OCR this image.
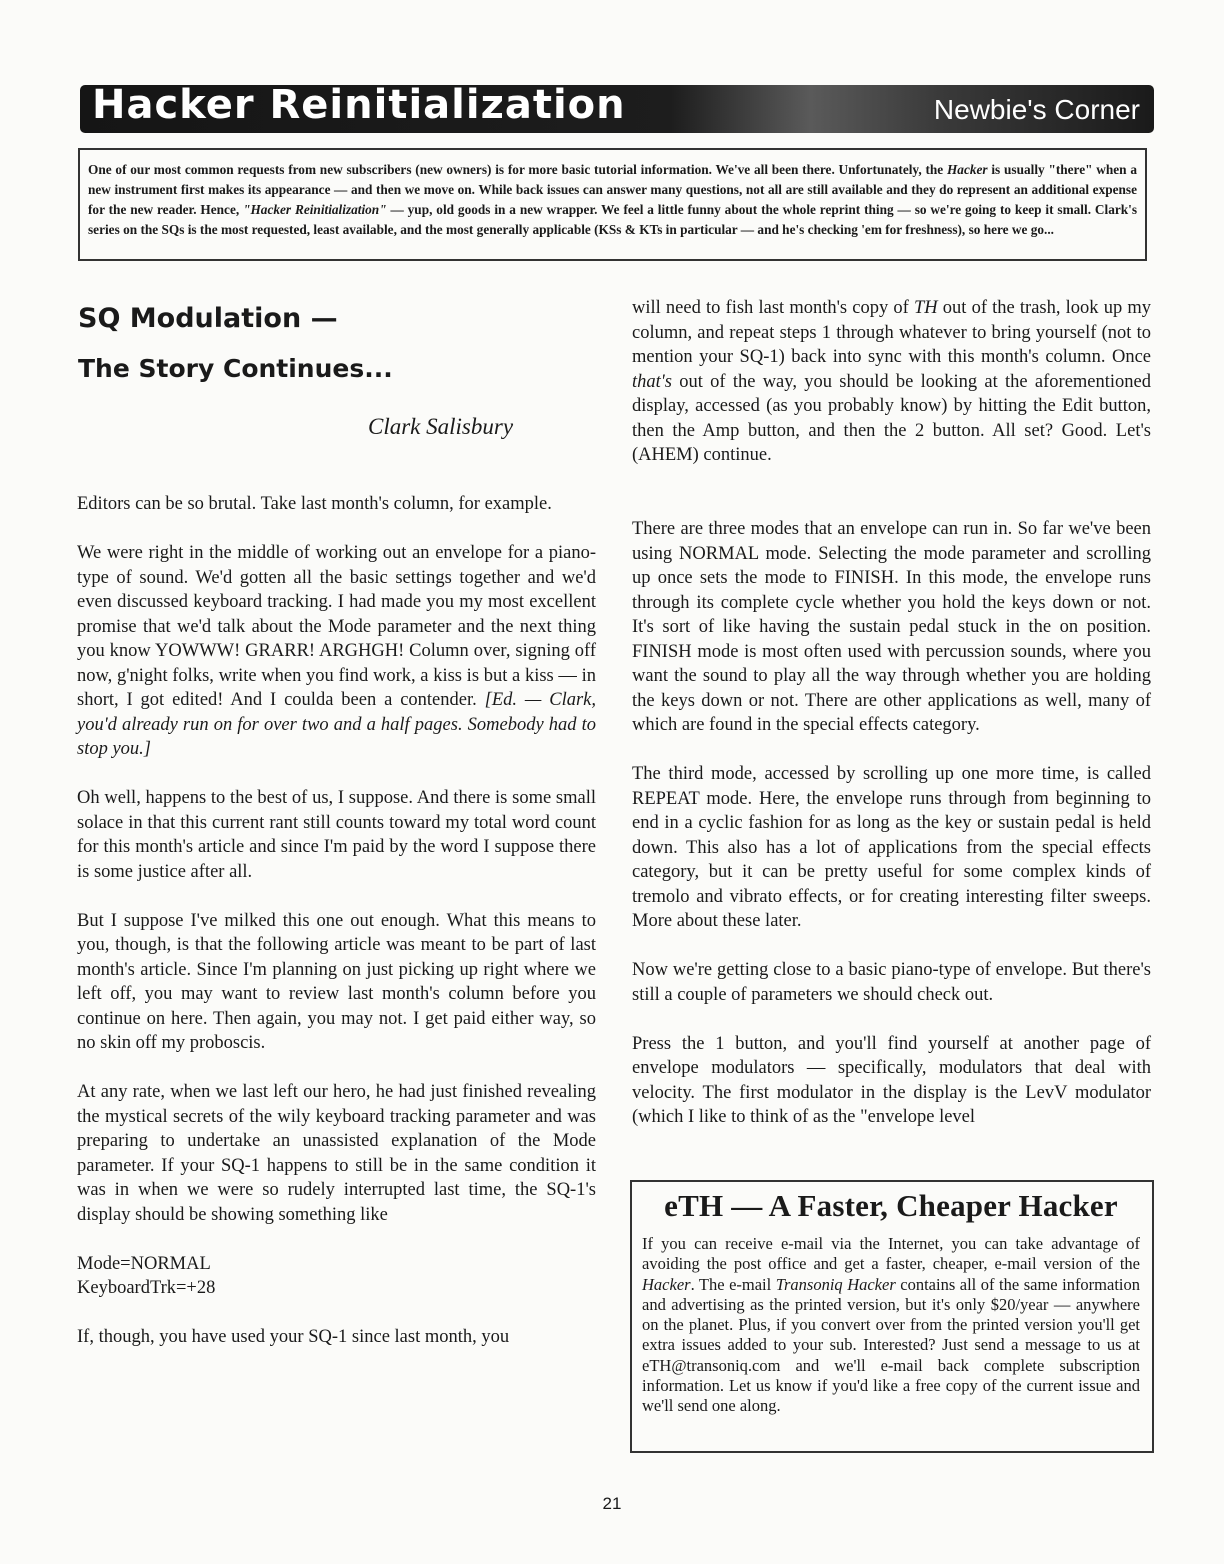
Hacker Reinitialization	Newbie's Corner
One of our most common requests from new subscribers (new owners) is for more basic tutorial information. We've all been there. Unfortunately, the Hacker is usually "there" when a new instrument first makes its appearance — and then we move on. While back issues can answer many questions, not all are still available and they do represent an additional expense for the new reader. Hence, "Hacker Reinitialization" — yup, old goods in a new wrapper. We feel a little funny about the whole reprint thing — so we're going to keep it small. Clark's series on the SQs is the most requested, least available, and the most generally applicable (KSs & KTs in particular — and he's checking 'em for freshness), so here we go...
SQ Modulation —
The Story Continues...
Clark Salisbury

Editors can be so brutal. Take last month's column, for example.

We were right in the middle of working out an envelope for a piano-type of sound. We'd gotten all the basic settings together and we'd even discussed keyboard tracking. I had made you my most excellent promise that we'd talk about the Mode parameter and the next thing you know YOWWW! GRARR! ARGHGH! Column over, signing off now, g'night folks, write when you find work, a kiss is but a kiss — in short, I got edited! And I coulda been a contender. [Ed. — Clark, you'd already run on for over two and a half pages. Somebody had to stop you.]

Oh well, happens to the best of us, I suppose. And there is some small solace in that this current rant still counts toward my total word count for this month's article and since I'm paid by the word I suppose there is some justice after all.

But I suppose I've milked this one out enough. What this means to you, though, is that the following article was meant to be part of last month's article. Since I'm planning on just picking up right where we left off, you may want to review last month's column before you continue on here. Then again, you may not. I get paid either way, so no skin off my proboscis.

At any rate, when we last left our hero, he had just finished revealing the mystical secrets of the wily keyboard tracking parameter and was preparing to undertake an unassisted explanation of the Mode parameter. If your SQ-1 happens to still be in the same condition it was in when we were so rudely interrupted last time, the SQ-1's display should be showing something like

Mode=NORMAL
KeyboardTrk=+28

If, though, you have used your SQ-1 since last month, you

will need to fish last month's copy of TH out of the trash, look up my column, and repeat steps 1 through whatever to bring yourself (not to mention your SQ-1) back into sync with this month's column. Once that's out of the way, you should be looking at the aforementioned display, accessed (as you probably know) by hitting the Edit button, then the Amp button, and then the 2 button. All set? Good. Let's (AHEM) continue.

There are three modes that an envelope can run in. So far we've been using NORMAL mode. Selecting the mode parameter and scrolling up once sets the mode to FINISH. In this mode, the envelope runs through its complete cycle whether you hold the keys down or not. It's sort of like having the sustain pedal stuck in the on position. FINISH mode is most often used with percussion sounds, where you want the sound to play all the way through whether you are holding the keys down or not. There are other applications as well, many of which are found in the special effects category.

The third mode, accessed by scrolling up one more time, is called REPEAT mode. Here, the envelope runs through from beginning to end in a cyclic fashion for as long as the key or sustain pedal is held down. This also has a lot of applications from the special effects category, but it can be pretty useful for some complex kinds of tremolo and vibrato effects, or for creating interesting filter sweeps. More about these later.

Now we're getting close to a basic piano-type of envelope. But there's still a couple of parameters we should check out.

Press the 1 button, and you'll find yourself at another page of envelope modulators — specifically, modulators that deal with velocity. The first modulator in the display is the LevV modulator (which I like to think of as the "envelope level

eTH — A Faster, Cheaper Hacker

If you can receive e-mail via the Internet, you can take advantage of avoiding the post office and get a faster, cheaper, e-mail version of the Hacker. The e-mail Transoniq Hacker contains all of the same information and advertising as the printed version, but it's only $20/year — anywhere on the planet. Plus, if you convert over from the printed version you'll get extra issues added to your sub. Interested? Just send a message to us at eTH@transoniq.com and we'll e-mail back complete subscription information. Let us know if you'd like a free copy of the current issue and we'll send one along.

21
